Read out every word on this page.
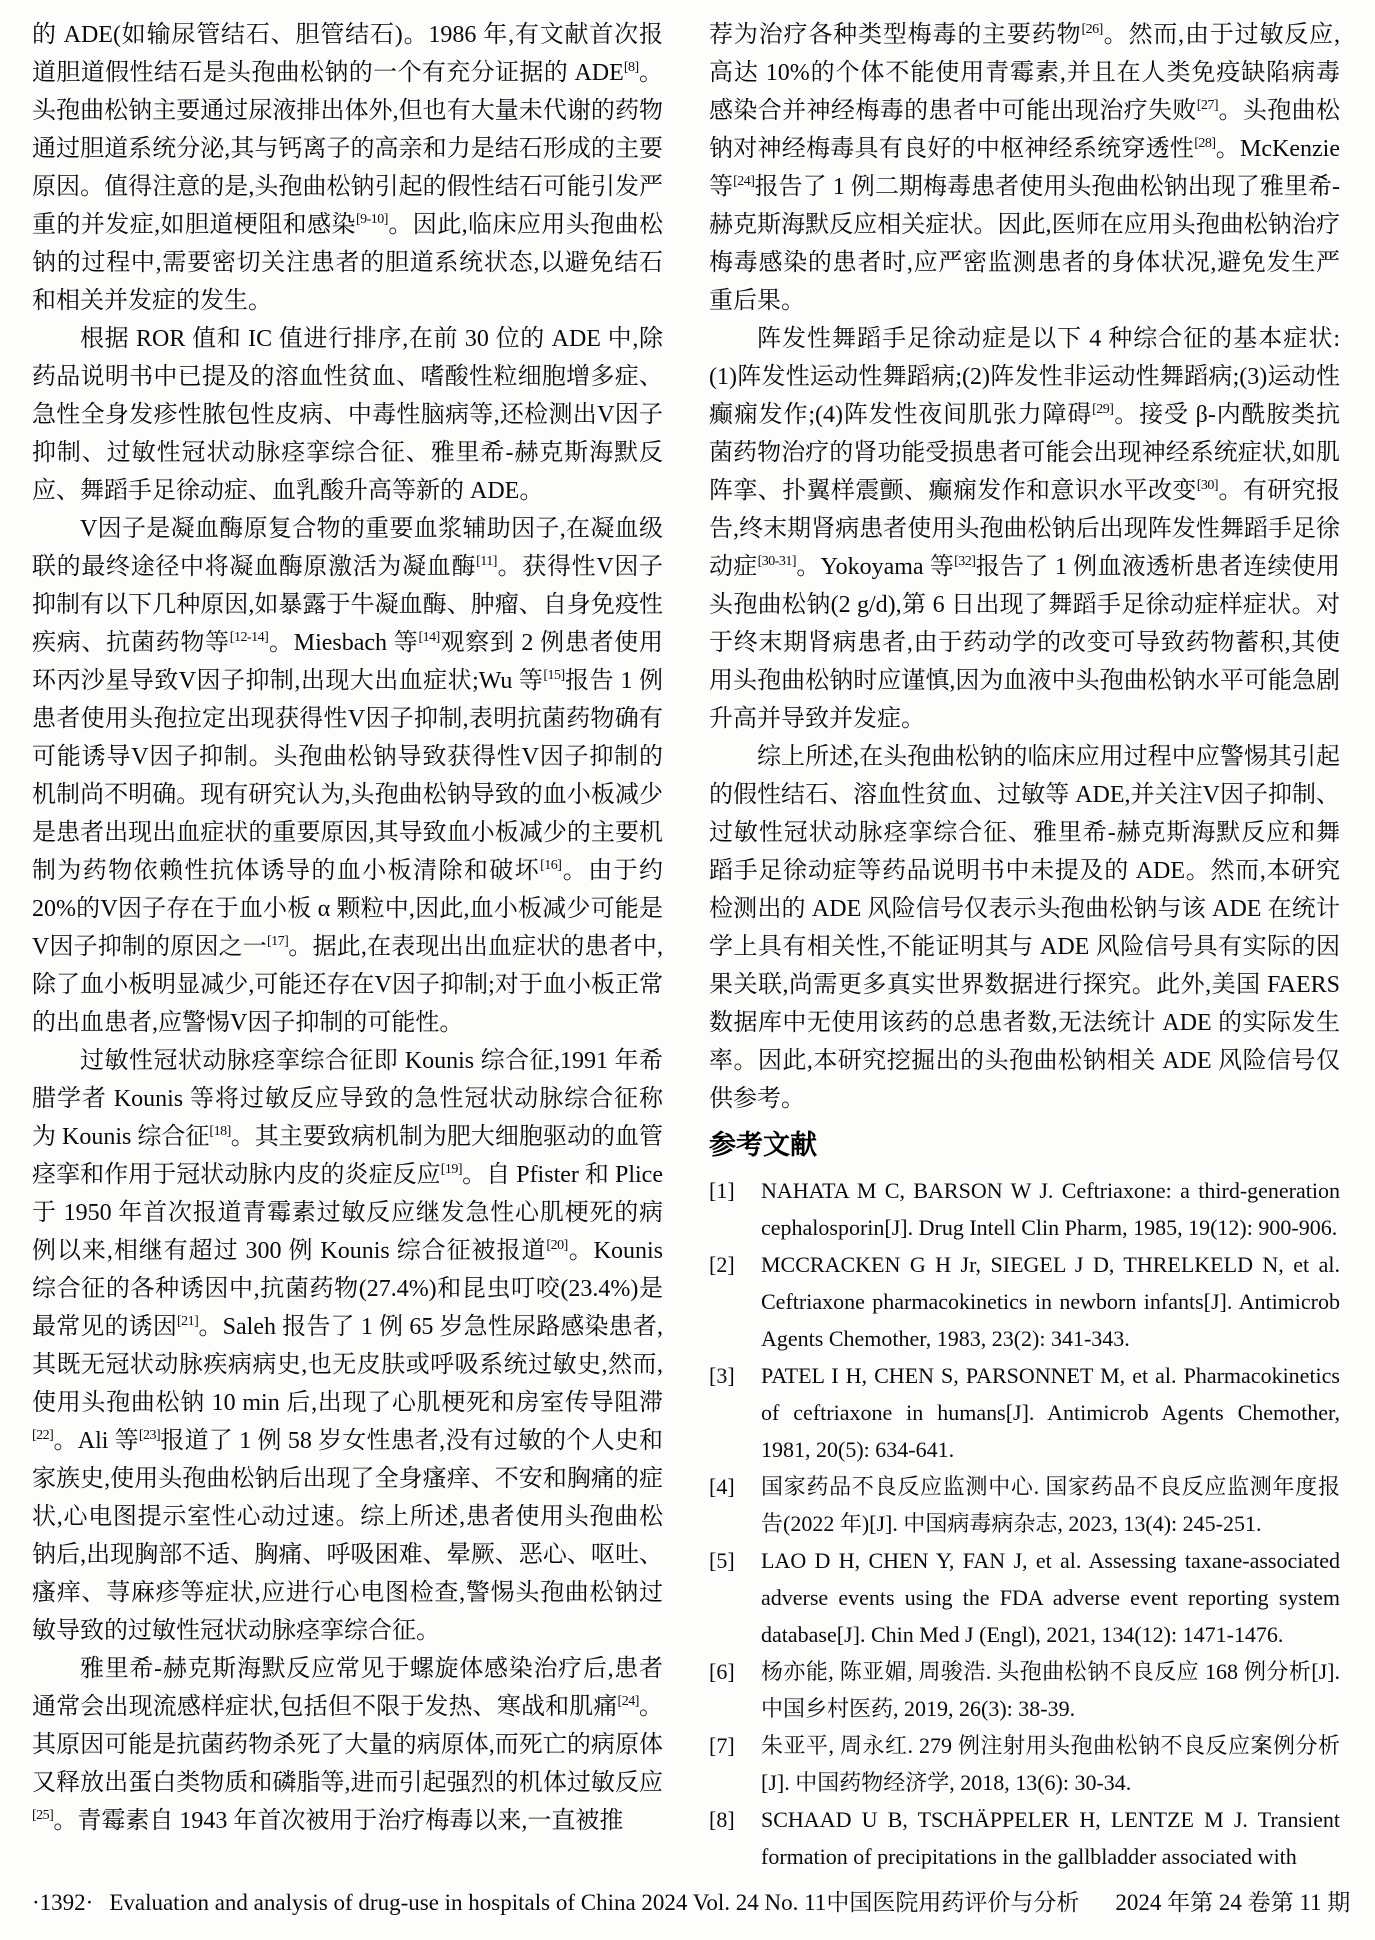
的 ADE(如输尿管结石、胆管结石)。1986 年,有文献首次报道胆道假性结石是头孢曲松钠的一个有充分证据的 ADE[8]。头孢曲松钠主要通过尿液排出体外,但也有大量未代谢的药物通过胆道系统分泌,其与钙离子的高亲和力是结石形成的主要原因。值得注意的是,头孢曲松钠引起的假性结石可能引发严重的并发症,如胆道梗阻和感染[9-10]。因此,临床应用头孢曲松钠的过程中,需要密切关注患者的胆道系统状态,以避免结石和相关并发症的发生。

根据 ROR 值和 IC 值进行排序,在前 30 位的 ADE 中,除药品说明书中已提及的溶血性贫血、嗜酸性粒细胞增多症、急性全身发疹性脓包性皮病、中毒性脑病等,还检测出V因子抑制、过敏性冠状动脉痉挛综合征、雅里希-赫克斯海默反应、舞蹈手足徐动症、血乳酸升高等新的 ADE。

V因子是凝血酶原复合物的重要血浆辅助因子,在凝血级联的最终途径中将凝血酶原激活为凝血酶[11]。获得性V因子抑制有以下几种原因,如暴露于牛凝血酶、肿瘤、自身免疫性疾病、抗菌药物等[12-14]。Miesbach 等[14]观察到 2 例患者使用环丙沙星导致V因子抑制,出现大出血症状;Wu 等[15]报告 1 例患者使用头孢拉定出现获得性V因子抑制,表明抗菌药物确有可能诱导V因子抑制。头孢曲松钠导致获得性V因子抑制的机制尚不明确。现有研究认为,头孢曲松钠导致的血小板减少是患者出现出血症状的重要原因,其导致血小板减少的主要机制为药物依赖性抗体诱导的血小板清除和破坏[16]。由于约20%的V因子存在于血小板 α 颗粒中,因此,血小板减少可能是V因子抑制的原因之一[17]。据此,在表现出出血症状的患者中,除了血小板明显减少,可能还存在V因子抑制;对于血小板正常的出血患者,应警惕V因子抑制的可能性。

过敏性冠状动脉痉挛综合征即 Kounis 综合征,1991 年希腊学者 Kounis 等将过敏反应导致的急性冠状动脉综合征称为 Kounis 综合征[18]。其主要致病机制为肥大细胞驱动的血管痉挛和作用于冠状动脉内皮的炎症反应[19]。自 Pfister 和 Plice 于 1950 年首次报道青霉素过敏反应继发急性心肌梗死的病例以来,相继有超过 300 例 Kounis 综合征被报道[20]。Kounis 综合征的各种诱因中,抗菌药物(27.4%)和昆虫叮咬(23.4%)是最常见的诱因[21]。Saleh 报告了 1 例 65 岁急性尿路感染患者,其既无冠状动脉疾病病史,也无皮肤或呼吸系统过敏史,然而,使用头孢曲松钠 10 min 后,出现了心肌梗死和房室传导阻滞[22]。Ali 等[23]报道了 1 例 58 岁女性患者,没有过敏的个人史和家族史,使用头孢曲松钠后出现了全身瘙痒、不安和胸痛的症状,心电图提示室性心动过速。综上所述,患者使用头孢曲松钠后,出现胸部不适、胸痛、呼吸困难、晕厥、恶心、呕吐、瘙痒、荨麻疹等症状,应进行心电图检查,警惕头孢曲松钠过敏导致的过敏性冠状动脉痉挛综合征。

雅里希-赫克斯海默反应常见于螺旋体感染治疗后,患者通常会出现流感样症状,包括但不限于发热、寒战和肌痛[24]。其原因可能是抗菌药物杀死了大量的病原体,而死亡的病原体又释放出蛋白类物质和磷脂等,进而引起强烈的机体过敏反应[25]。青霉素自 1943 年首次被用于治疗梅毒以来,一直被推

荐为治疗各种类型梅毒的主要药物[26]。然而,由于过敏反应,高达 10%的个体不能使用青霉素,并且在人类免疫缺陷病毒感染合并神经梅毒的患者中可能出现治疗失败[27]。头孢曲松钠对神经梅毒具有良好的中枢神经系统穿透性[28]。McKenzie 等[24]报告了 1 例二期梅毒患者使用头孢曲松钠出现了雅里希-赫克斯海默反应相关症状。因此,医师在应用头孢曲松钠治疗梅毒感染的患者时,应严密监测患者的身体状况,避免发生严重后果。

阵发性舞蹈手足徐动症是以下 4 种综合征的基本症状:(1)阵发性运动性舞蹈病;(2)阵发性非运动性舞蹈病;(3)运动性癫痫发作;(4)阵发性夜间肌张力障碍[29]。接受 β-内酰胺类抗菌药物治疗的肾功能受损患者可能会出现神经系统症状,如肌阵挛、扑翼样震颤、癫痫发作和意识水平改变[30]。有研究报告,终末期肾病患者使用头孢曲松钠后出现阵发性舞蹈手足徐动症[30-31]。Yokoyama 等[32]报告了 1 例血液透析患者连续使用头孢曲松钠(2 g/d),第 6 日出现了舞蹈手足徐动症样症状。对于终末期肾病患者,由于药动学的改变可导致药物蓄积,其使用头孢曲松钠时应谨慎,因为血液中头孢曲松钠水平可能急剧升高并导致并发症。

综上所述,在头孢曲松钠的临床应用过程中应警惕其引起的假性结石、溶血性贫血、过敏等 ADE,并关注V因子抑制、过敏性冠状动脉痉挛综合征、雅里希-赫克斯海默反应和舞蹈手足徐动症等药品说明书中未提及的 ADE。然而,本研究检测出的 ADE 风险信号仅表示头孢曲松钠与该 ADE 在统计学上具有相关性,不能证明其与 ADE 风险信号具有实际的因果关联,尚需更多真实世界数据进行探究。此外,美国 FAERS 数据库中无使用该药的总患者数,无法统计 ADE 的实际发生率。因此,本研究挖掘出的头孢曲松钠相关 ADE 风险信号仅供参考。

参考文献
[1] NAHATA M C, BARSON W J. Ceftriaxone: a third-generation cephalosporin[J]. Drug Intell Clin Pharm, 1985, 19(12): 900-906.
[2] MCCRACKEN G H Jr, SIEGEL J D, THRELKELD N, et al. Ceftriaxone pharmacokinetics in newborn infants[J]. Antimicrob Agents Chemother, 1983, 23(2): 341-343.
[3] PATEL I H, CHEN S, PARSONNET M, et al. Pharmacokinetics of ceftriaxone in humans[J]. Antimicrob Agents Chemother, 1981, 20(5): 634-641.
[4] 国家药品不良反应监测中心. 国家药品不良反应监测年度报告(2022 年)[J]. 中国病毒病杂志, 2023, 13(4): 245-251.
[5] LAO D H, CHEN Y, FAN J, et al. Assessing taxane-associated adverse events using the FDA adverse event reporting system database[J]. Chin Med J (Engl), 2021, 134(12): 1471-1476.
[6] 杨亦能, 陈亚媚, 周骏浩. 头孢曲松钠不良反应 168 例分析[J]. 中国乡村医药, 2019, 26(3): 38-39.
[7] 朱亚平, 周永红. 279 例注射用头孢曲松钠不良反应案例分析[J]. 中国药物经济学, 2018, 13(6): 30-34.
[8] SCHAAD U B, TSCHÄPPELER H, LENTZE M J. Transient formation of precipitations in the gallbladder associated with
·1392· Evaluation and analysis of drug-use in hospitals of China 2024 Vol. 24 No. 11 中国医院用药评价与分析 2024 年第 24 卷第 11 期
